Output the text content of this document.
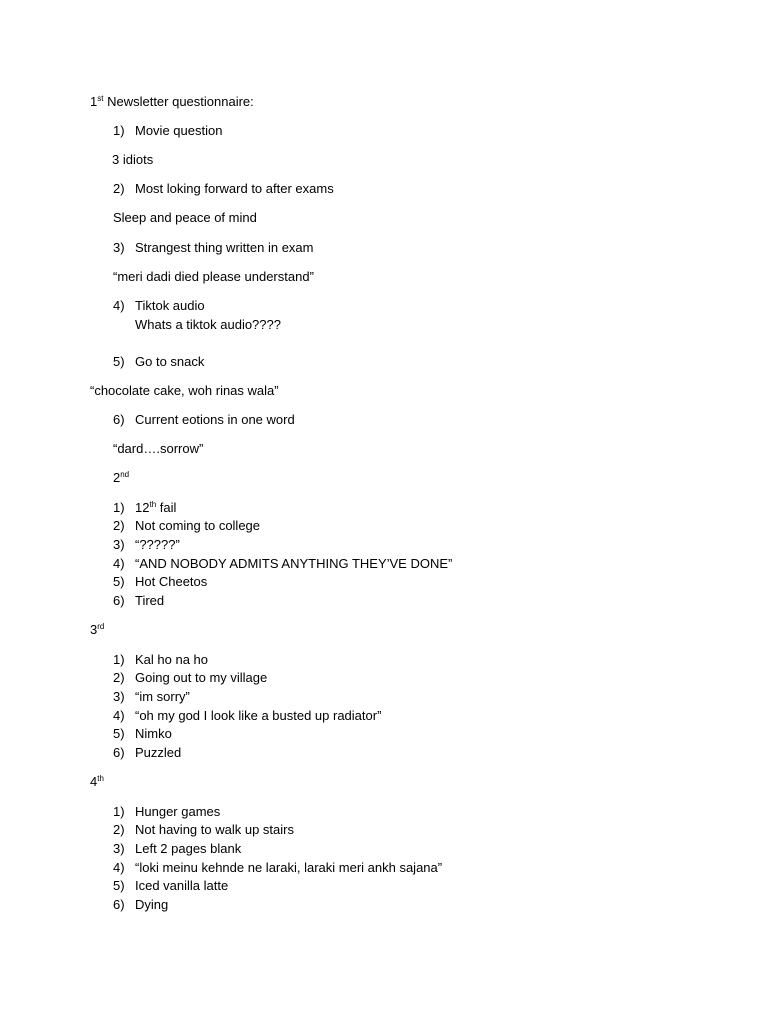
1st Newsletter questionnaire:
1) Movie question
3 idiots
2) Most loking forward to after exams
Sleep and peace of mind
3) Strangest thing written in exam
“meri dadi died please understand”
4) Tiktok audio
Whats a tiktok audio????
5) Go to snack
“chocolate cake, woh rinas wala”
6) Current eotions in one word
“dard….sorrow”
2nd
1) 12th fail
2) Not coming to college
3) “?????”
4) “AND NOBODY ADMITS ANYTHING THEY’VE DONE”
5) Hot Cheetos
6) Tired
3rd
1) Kal ho na ho
2) Going out to my village
3) “im sorry”
4) “oh my god I look like a busted up radiator”
5) Nimko
6) Puzzled
4th
1) Hunger games
2) Not having to walk up stairs
3) Left 2 pages blank
4) “loki meinu kehnde ne laraki, laraki meri ankh sajana”
5) Iced vanilla latte
6) Dying
